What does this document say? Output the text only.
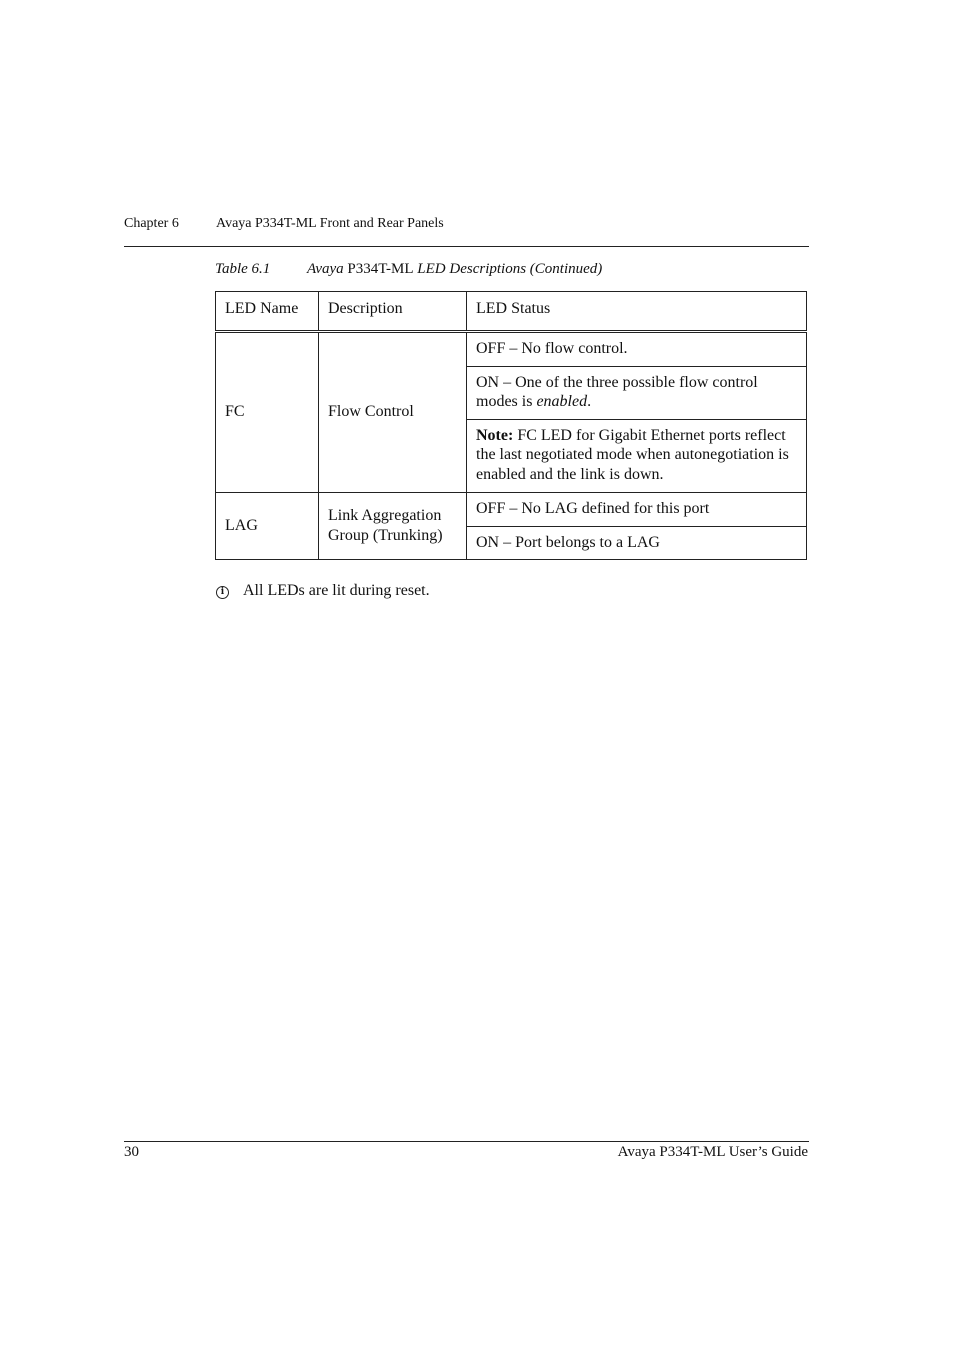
Chapter 6	Avaya P334T-ML Front and Rear Panels
Table 6.1 Avaya P334T-ML LED Descriptions (Continued)
LED Name	Description	LED Status
FC	Flow Control	OFF – No flow control.
		ON – One of the three possible flow control modes is enabled.
		Note: FC LED for Gigabit Ethernet ports reflect the last negotiated mode when autonegotiation is enabled and the link is down.
LAG	Link Aggregation Group (Trunking)	OFF – No LAG defined for this port
		ON – Port belongs to a LAG
i All LEDs are lit during reset.
30	Avaya P334T-ML User’s Guide
